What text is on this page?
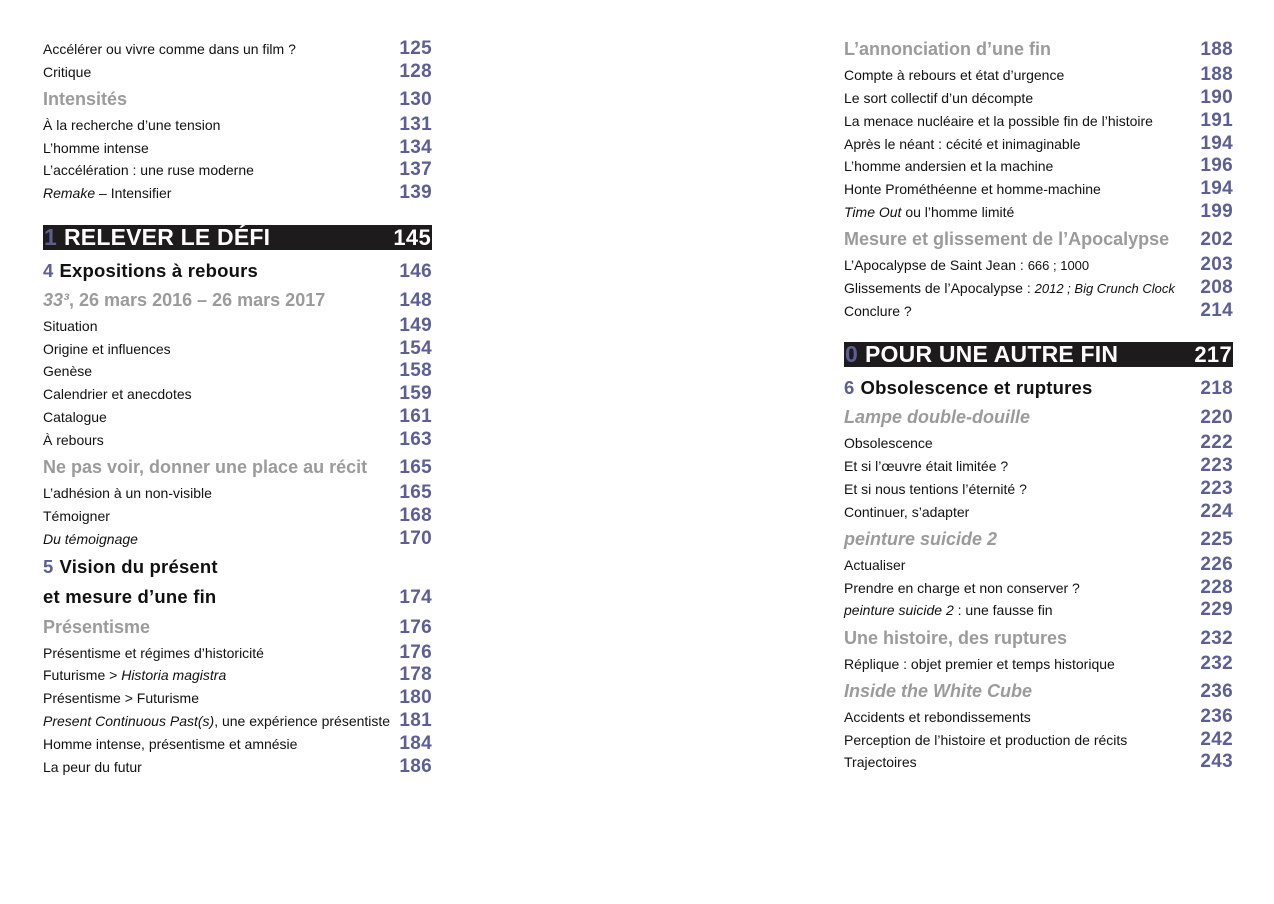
Accélérer ou vivre comme dans un film ?	125
Critique	128
Intensités	130
À la recherche d’une tension	131
L’homme intense	134
L’accélération : une ruse moderne	137
Remake – Intensifier	139
1 RELEVER LE DÉFI	145
4 Expositions à rebours	146
33³, 26 mars 2016 – 26 mars 2017	148
Situation	149
Origine et influences	154
Genèse	158
Calendrier et anecdotes	159
Catalogue	161
À rebours	163
Ne pas voir, donner une place au récit 165
L’adhésion à un non-visible	165
Témoigner	168
Du témoignage	170
5 Vision du présent
et mesure d’une fin	174
Présentisme	176
Présentisme et régimes d’historicité	176
Futurisme > Historia magistra	178
Présentisme > Futurisme	180
Present Continuous Past(s), une expérience présentiste 181
Homme intense, présentisme et amnésie	184
La peur du futur	186
L’annonciation d’une fin	188
Compte à rebours et état d’urgence	188
Le sort collectif d’un décompte	190
La menace nucléaire et la possible fin de l’histoire 191
Après le néant : cécité et inimaginable	194
L’homme andersien et la machine	196
Honte Prométhéenne et homme-machine	194
Time Out ou l’homme limité	199
Mesure et glissement de l’Apocalypse 202
L’Apocalypse de Saint Jean : 666 ; 1000	203
Glissements de l’Apocalypse : 2012 ; Big Crunch Clock 208
Conclure ?	214
0 POUR UNE AUTRE FIN	217
6 Obsolescence et ruptures	218
Lampe double-douille	220
Obsolescence	222
Et si l’œuvre était limitée ?	223
Et si nous tentions l’éternité ?	223
Continuer, s’adapter	224
peinture suicide 2	225
Actualiser	226
Prendre en charge et non conserver ?	228
peinture suicide 2 : une fausse fin	229
Une histoire, des ruptures	232
Réplique : objet premier et temps historique	232
Inside the White Cube	236
Accidents et rebondissements	236
Perception de l’histoire et production de récits	242
Trajectoires	243
